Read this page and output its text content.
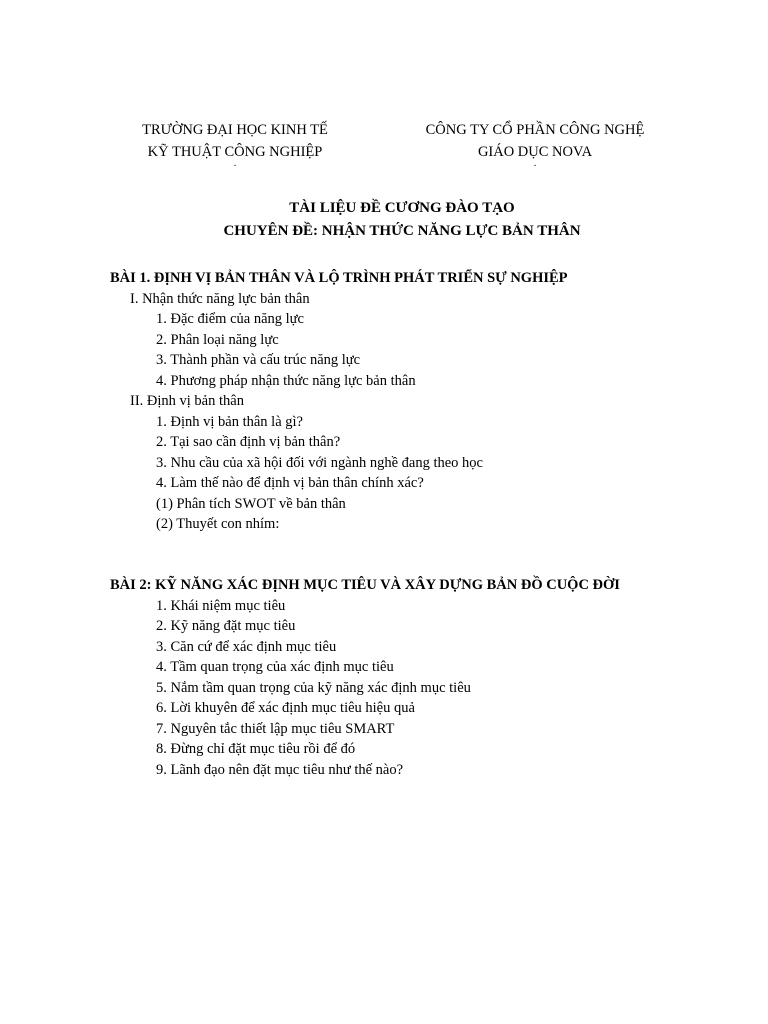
TRƯỜNG ĐẠI HỌC KINH TẾ
KỸ THUẬT CÔNG NGHIỆP
·
CÔNG TY CỔ PHẦN CÔNG NGHỆ
GIÁO DỤC NOVA
·
TÀI LIỆU ĐỀ CƯƠNG ĐÀO TẠO
CHUYÊN ĐỀ: NHẬN THỨC NĂNG LỰC BẢN THÂN
BÀI 1. ĐỊNH VỊ BẢN THÂN VÀ LỘ TRÌNH PHÁT TRIỂN SỰ NGHIỆP
I. Nhận thức năng lực bản thân
1. Đặc điểm của năng lực
2. Phân loại năng lực
3. Thành phần và cấu trúc năng lực
4. Phương pháp nhận thức năng lực bản thân
II. Định vị bản thân
1. Định vị bản thân là gì?
2. Tại sao cần định vị bản thân?
3. Nhu cầu của xã hội đối với ngành nghề đang theo học
4. Làm thế nào để định vị bản thân chính xác?
(1) Phân tích SWOT về bản thân
(2) Thuyết con nhím:
BÀI 2: KỸ NĂNG XÁC ĐỊNH MỤC TIÊU VÀ XÂY DỰNG BẢN ĐỒ CUỘC ĐỜI
1. Khái niệm mục tiêu
2. Kỹ năng đặt mục tiêu
3. Căn cứ để xác định mục tiêu
4. Tầm quan trọng của xác định mục tiêu
5. Nắm tầm quan trọng của kỹ năng xác định mục tiêu
6. Lời khuyên để xác định mục tiêu hiệu quả
7. Nguyên tắc thiết lập mục tiêu SMART
8. Đừng chỉ đặt mục tiêu rồi để đó
9. Lãnh đạo nên đặt mục tiêu như thế nào?
